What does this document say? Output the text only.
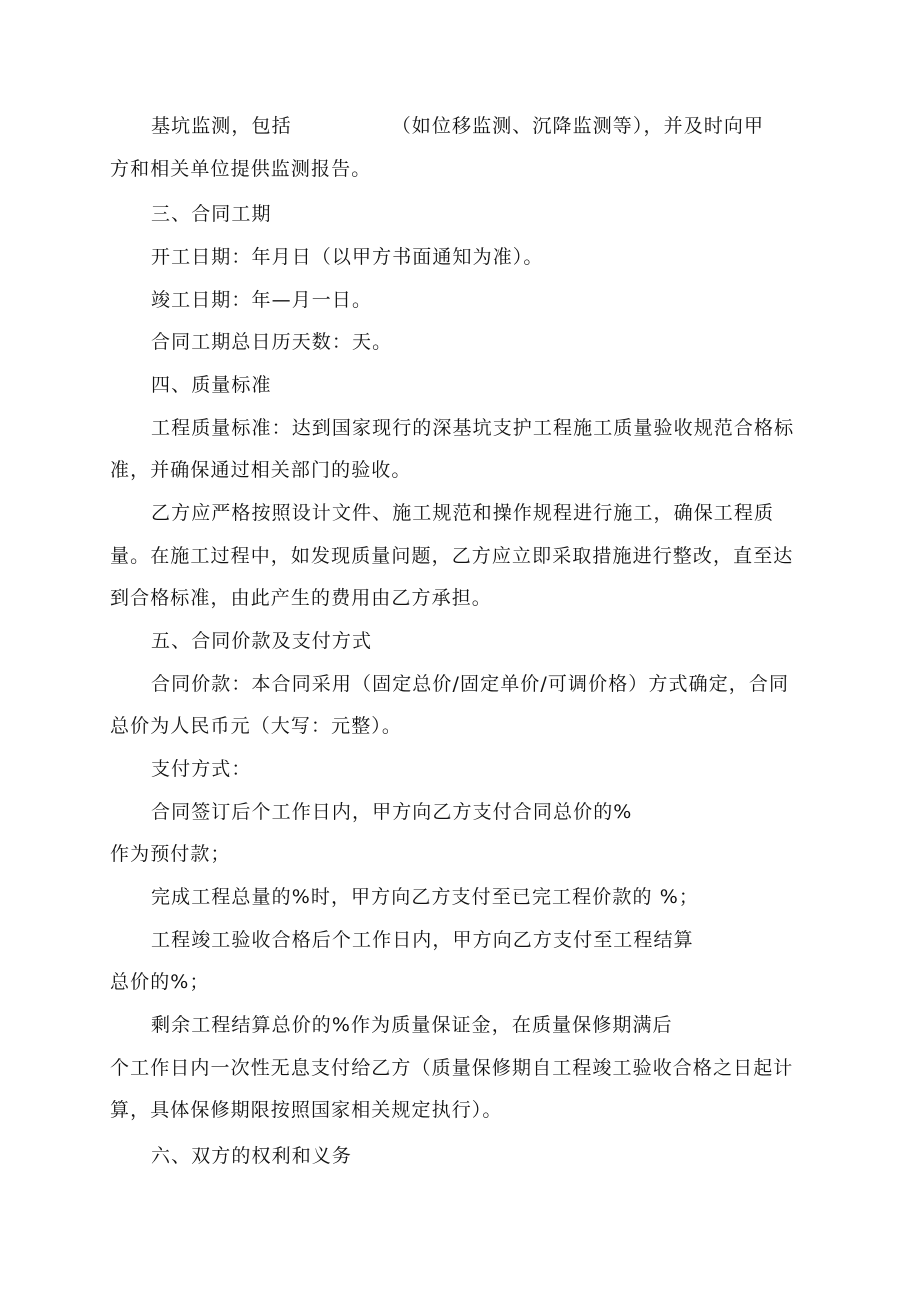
基坑监测，包括	（如位移监测、沉降监测等），并及时向甲
方和相关单位提供监测报告。
三、合同工期
开工日期：年月日（以甲方书面通知为准）。
竣工日期：年—月一日。
合同工期总日历天数：天。
四、质量标准
工程质量标准：达到国家现行的深基坑支护工程施工质量验收规范合格标
准，并确保通过相关部门的验收。
乙方应严格按照设计文件、施工规范和操作规程进行施工，确保工程质
量。在施工过程中，如发现质量问题，乙方应立即采取措施进行整改，直至达
到合格标准，由此产生的费用由乙方承担。
五、合同价款及支付方式
合同价款：本合同采用（固定总价/固定单价/可调价格）方式确定，合同
总价为人民币元（大写：元整）。
支付方式：
合同签订后个工作日内，甲方向乙方支付合同总价的%
作为预付款；
完成工程总量的%时，甲方向乙方支付至已完工程价款的 %；
工程竣工验收合格后个工作日内，甲方向乙方支付至工程结算
总价的%；
剩余工程结算总价的%作为质量保证金，在质量保修期满后
个工作日内一次性无息支付给乙方（质量保修期自工程竣工验收合格之日起计
算，具体保修期限按照国家相关规定执行）。
六、双方的权利和义务
